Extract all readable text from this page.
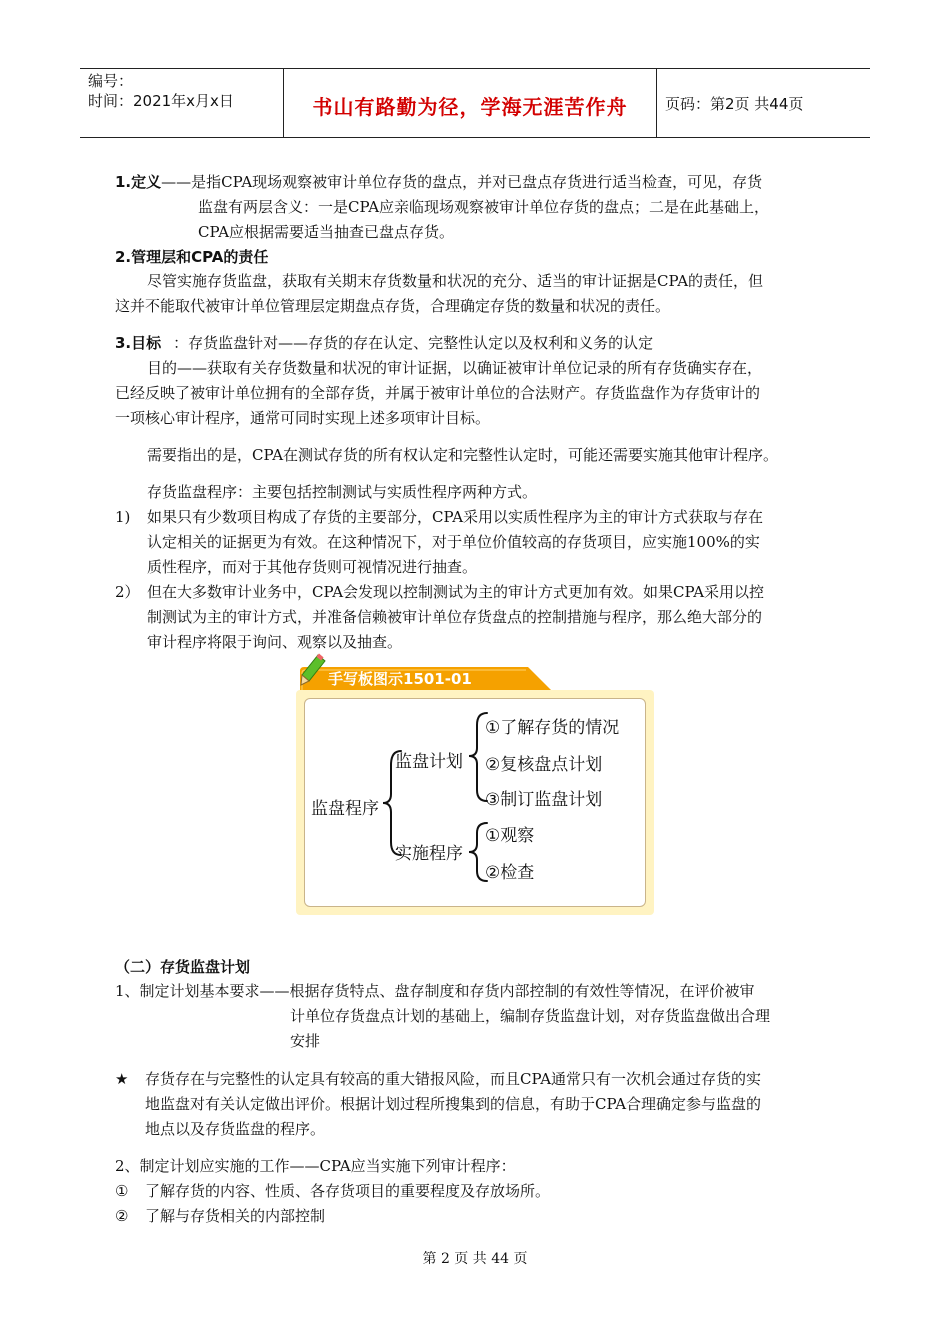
编号：
时间：2021年x月x日	书山有路勤为径，学海无涯苦作舟	页码：第2页 共44页
1.定义——是指CPA现场观察被审计单位存货的盘点，并对已盘点存货进行适当检查，可见，存货
监盘有两层含义：一是CPA应亲临现场观察被审计单位存货的盘点；二是在此基础上，
CPA应根据需要适当抽查已盘点存货。
2.管理层和CPA的责任
尽管实施存货监盘，获取有关期末存货数量和状况的充分、适当的审计证据是CPA的责任，但
这并不能取代被审计单位管理层定期盘点存货，合理确定存货的数量和状况的责任。
3.目标 ：存货监盘针对——存货的存在认定、完整性认定以及权利和义务的认定
目的——获取有关存货数量和状况的审计证据，以确证被审计单位记录的所有存货确实存在，
已经反映了被审计单位拥有的全部存货，并属于被审计单位的合法财产。存货监盘作为存货审计的
一项核心审计程序，通常可同时实现上述多项审计目标。
需要指出的是，CPA在测试存货的所有权认定和完整性认定时，可能还需要实施其他审计程序。
存货监盘程序：主要包括控制测试与实质性程序两种方式。
1) 如果只有少数项目构成了存货的主要部分，CPA采用以实质性程序为主的审计方式获取与存在
认定相关的证据更为有效。在这种情况下，对于单位价值较高的存货项目，应实施100%的实
质性程序，而对于其他存货则可视情况进行抽查。
2） 但在大多数审计业务中，CPA会发现以控制测试为主的审计方式更加有效。如果CPA采用以控
制测试为主的审计方式，并准备信赖被审计单位存货盘点的控制措施与程序，那么绝大部分的
审计程序将限于询问、观察以及抽查。
手写板图示1501-01
监盘程序
监盘计划
实施程序
①了解存货的情况
②复核盘点计划
③制订监盘计划
①观察
②检查
（二）存货监盘计划
1、制定计划基本要求——根据存货特点、盘存制度和存货内部控制的有效性等情况，在评价被审
计单位存货盘点计划的基础上，编制存货监盘计划，对存货监盘做出合理
安排
★ 存货存在与完整性的认定具有较高的重大错报风险，而且CPA通常只有一次机会通过存货的实
地监盘对有关认定做出评价。根据计划过程所搜集到的信息，有助于CPA合理确定参与监盘的
地点以及存货监盘的程序。
2、制定计划应实施的工作——CPA应当实施下列审计程序：
① 了解存货的内容、性质、各存货项目的重要程度及存放场所。
② 了解与存货相关的内部控制
第 2 页 共 44 页
